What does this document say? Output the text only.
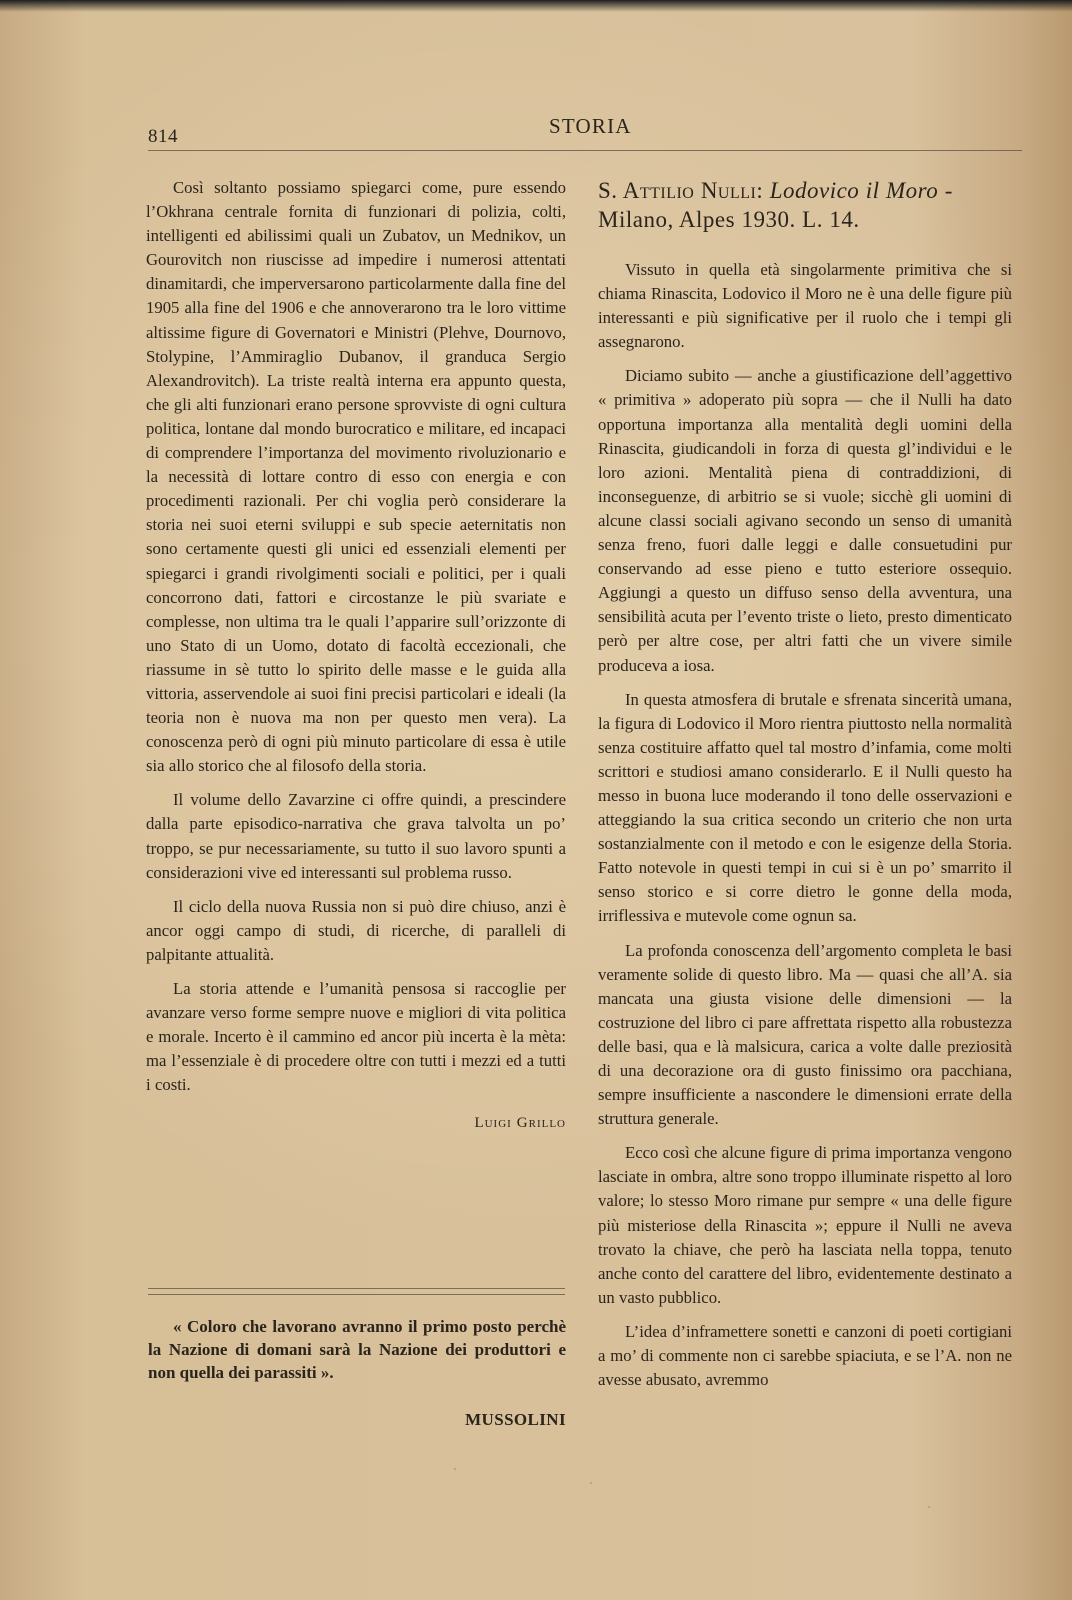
814	STORIA

Così soltanto possiamo spiegarci come, pure essendo l’Okhrana centrale fornita di funzionari di polizia, colti, intelligenti ed abilissimi quali un Zubatov, un Mednikov, un Gourovitch non riuscisse ad impedire i numerosi attentati dinamitardi, che imperversarono particolarmente dalla fine del 1905 alla fine del 1906 e che annoverarono tra le loro vittime altissime figure di Governatori e Ministri (Plehve, Dournovo, Stolypine, l’Ammiraglio Dubanov, il granduca Sergio Alexandrovitch). La triste realtà interna era appunto questa, che gli alti funzionari erano persone sprovviste di ogni cultura politica, lontane dal mondo burocratico e militare, ed incapaci di comprendere l’importanza del movimento rivoluzionario e la necessità di lottare contro di esso con energia e con procedimenti razionali. Per chi voglia però considerare la storia nei suoi eterni sviluppi e sub specie aeternitatis non sono certamente questi gli unici ed essenziali elementi per spiegarci i grandi rivolgimenti sociali e politici, per i quali concorrono dati, fattori e circostanze le più svariate e complesse, non ultima tra le quali l’apparire sull’orizzonte di uno Stato di un Uomo, dotato di facoltà eccezionali, che riassume in sè tutto lo spirito delle masse e le guida alla vittoria, asservendole ai suoi fini precisi particolari e ideali (la teoria non è nuova ma non per questo men vera). La conoscenza però di ogni più minuto particolare di essa è utile sia allo storico che al filosofo della storia.

Il volume dello Zavarzine ci offre quindi, a prescindere dalla parte episodico-narrativa che grava talvolta un po’ troppo, se pur necessariamente, su tutto il suo lavoro spunti a considerazioni vive ed interessanti sul problema russo.

Il ciclo della nuova Russia non si può dire chiuso, anzi è ancor oggi campo di studi, di ricerche, di paralleli di palpitante attualità.

La storia attende e l’umanità pensosa si raccoglie per avanzare verso forme sempre nuove e migliori di vita politica e morale. Incerto è il cammino ed ancor più incerta è la mèta: ma l’essenziale è di procedere oltre con tutti i mezzi ed a tutti i costi.

Luigi Grillo

« Coloro che lavorano avranno il primo posto perchè la Nazione di domani sarà la Nazione dei produttori e non quella dei parassiti ».
MUSSOLINI

S. Attilio Nulli: Lodovico il Moro - Milano, Alpes 1930. L. 14.

Vissuto in quella età singolarmente primitiva che si chiama Rinascita, Lodovico il Moro ne è una delle figure più interessanti e più significative per il ruolo che i tempi gli assegnarono.

Diciamo subito — anche a giustificazione dell’aggettivo « primitiva » adoperato più sopra — che il Nulli ha dato opportuna importanza alla mentalità degli uomini della Rinascita, giudicandoli in forza di questa gl’individui e le loro azioni. Mentalità piena di contraddizioni, di inconseguenze, di arbitrio se si vuole; sicchè gli uomini di alcune classi sociali agivano secondo un senso di umanità senza freno, fuori dalle leggi e dalle consuetudini pur conservando ad esse pieno e tutto esteriore ossequio. Aggiungi a questo un diffuso senso della avventura, una sensibilità acuta per l’evento triste o lieto, presto dimenticato però per altre cose, per altri fatti che un vivere simile produceva a iosa.

In questa atmosfera di brutale e sfrenata sincerità umana, la figura di Lodovico il Moro rientra piuttosto nella normalità senza costituire affatto quel tal mostro d’infamia, come molti scrittori e studiosi amano considerarlo. E il Nulli questo ha messo in buona luce moderando il tono delle osservazioni e atteggiando la sua critica secondo un criterio che non urta sostanzialmente con il metodo e con le esigenze della Storia. Fatto notevole in questi tempi in cui si è un po’ smarrito il senso storico e si corre dietro le gonne della moda, irriflessiva e mutevole come ognun sa.

La profonda conoscenza dell’argomento completa le basi veramente solide di questo libro. Ma — quasi che all’A. sia mancata una giusta visione delle dimensioni — la costruzione del libro ci pare affrettata rispetto alla robustezza delle basi, qua e là malsicura, carica a volte dalle preziosità di una decorazione ora di gusto finissimo ora pacchiana, sempre insufficiente a nascondere le dimensioni errate della struttura generale.

Ecco così che alcune figure di prima importanza vengono lasciate in ombra, altre sono troppo illuminate rispetto al loro valore; lo stesso Moro rimane pur sempre « una delle figure più misteriose della Rinascita »; eppure il Nulli ne aveva trovato la chiave, che però ha lasciata nella toppa, tenuto anche conto del carattere del libro, evidentemente destinato a un vasto pubblico.

L’idea d’inframettere sonetti e canzoni di poeti cortigiani a mo’ di commente non ci sarebbe spiaciuta, e se l’A. non ne avesse abusato, avremmo
